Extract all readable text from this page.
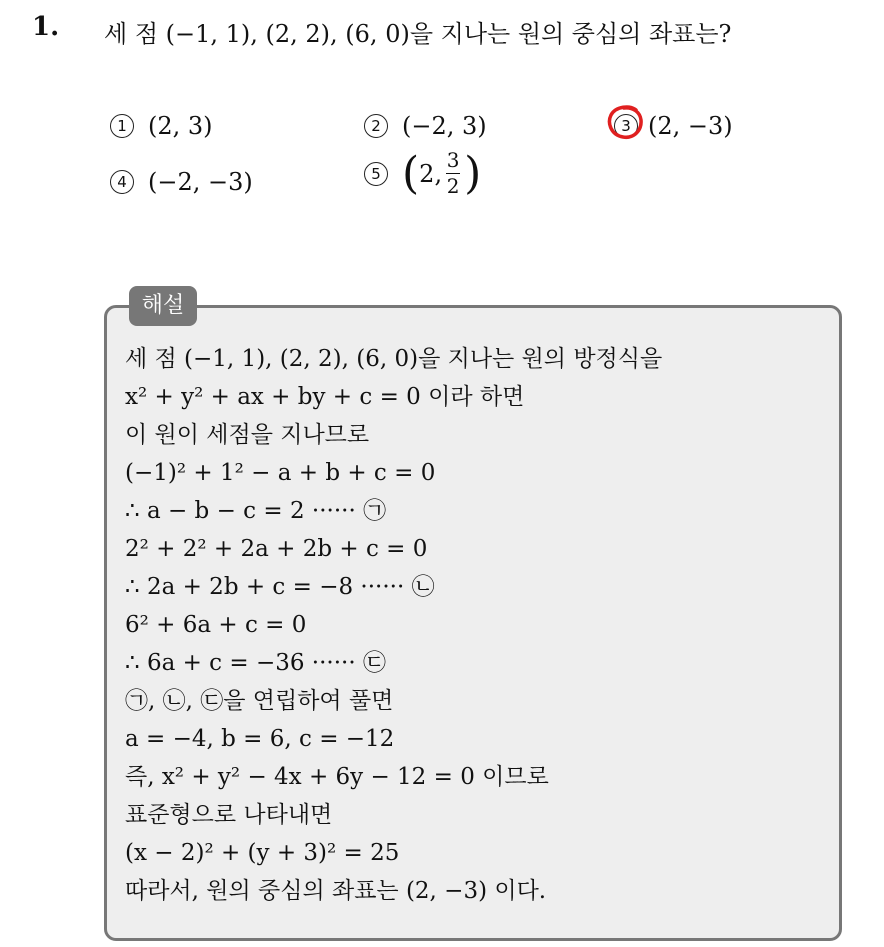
1. 세 점 (−1, 1), (2, 2), (6, 0)을 지나는 원의 중심의 좌표는?
1 (2, 3)	2 (−2, 3)	3 (2, −3)
4 (−2, −3)	5 ( 2, $\frac{3}{2}$ )
해설
세 점 (−1, 1), (2, 2), (6, 0)을 지나는 원의 방정식을
x² + y² + ax + by + c = 0 이라 하면
이 원이 세점을 지나므로
(−1)² + 1² − a + b + c = 0
∴ a − b − c = 2 ······ ㉠
2² + 2² + 2a + 2b + c = 0
∴ 2a + 2b + c = −8 ······ ㉡
6² + 6a + c = 0
∴ 6a + c = −36 ······ ㉢
㉠, ㉡, ㉢을 연립하여 풀면
a = −4, b = 6, c = −12
즉, x² + y² − 4x + 6y − 12 = 0 이므로
표준형으로 나타내면
(x − 2)² + (y + 3)² = 25
따라서, 원의 중심의 좌표는 (2, −3) 이다.
